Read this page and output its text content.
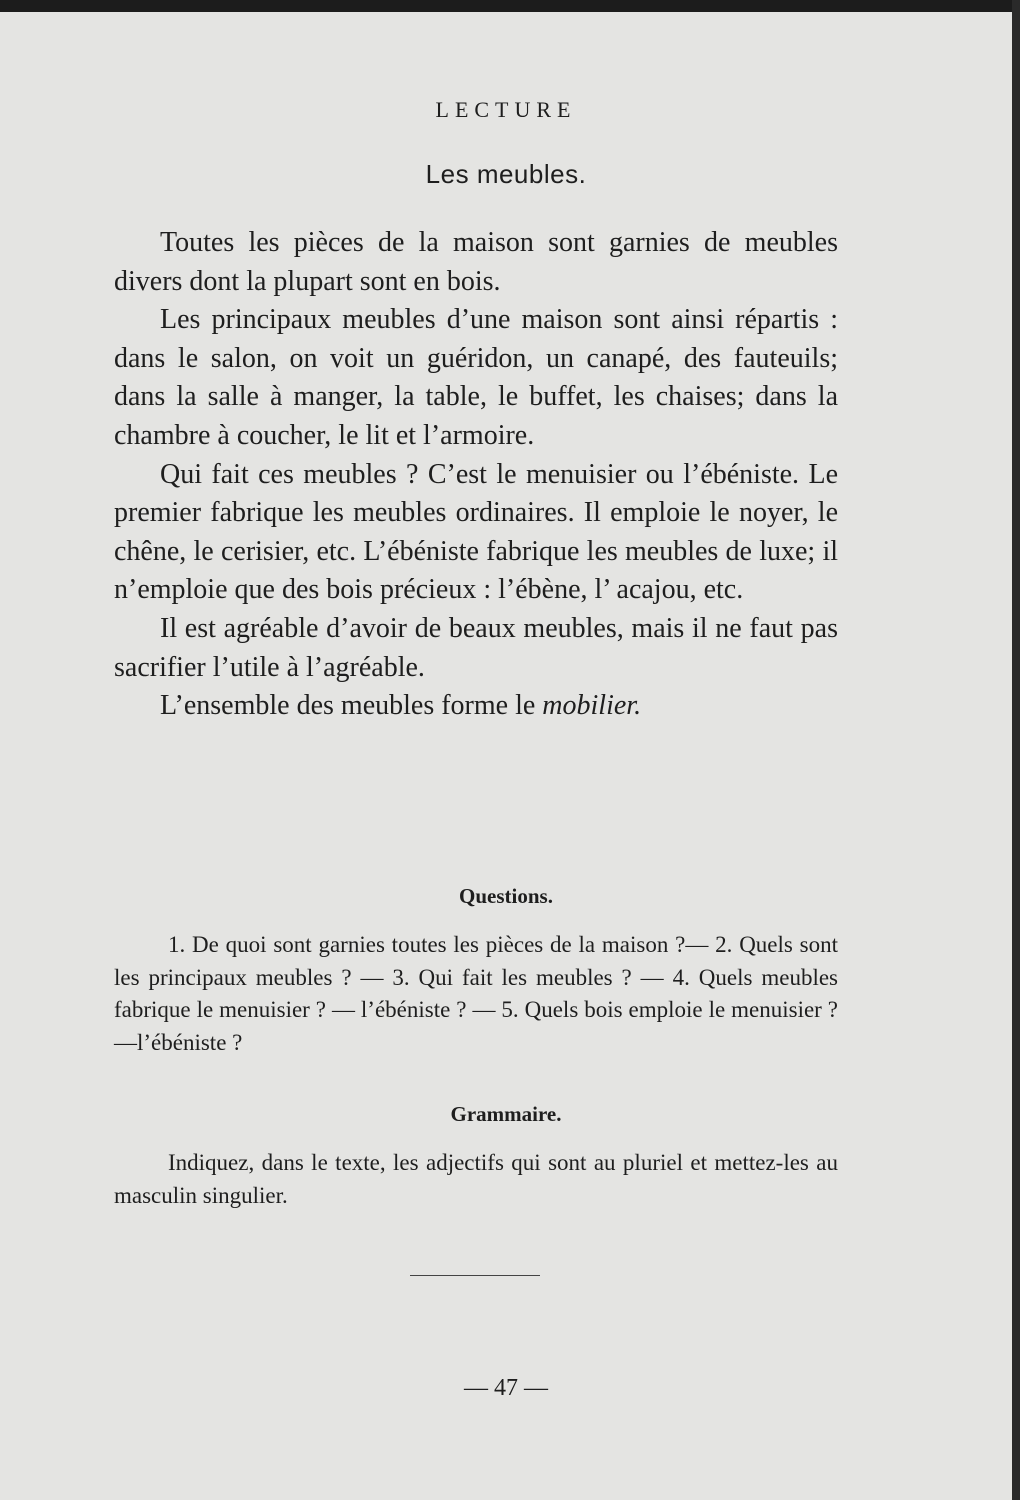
LECTURE
Les meubles.

Toutes les pièces de la maison sont garnies de meubles divers dont la plupart sont en bois.

Les principaux meubles d’une maison sont ainsi répartis : dans le salon, on voit un guéridon, un canapé, des fauteuils; dans la salle à manger, la table, le buffet, les chaises; dans la chambre à coucher, le lit et l’armoire.

Qui fait ces meubles ? C’est le menuisier ou l’ébéniste. Le premier fabrique les meubles ordinaires. Il emploie le noyer, le chêne, le cerisier, etc. L’ébéniste fabrique les meubles de luxe; il n’emploie que des bois précieux : l’ébène, l’ acajou, etc.

Il est agréable d’avoir de beaux meubles, mais il ne faut pas sacrifier l’utile à l’agréable.

L’ensemble des meubles forme le mobilier.

Questions.

1. De quoi sont garnies toutes les pièces de la maison ?— 2. Quels sont les principaux meubles ? — 3. Qui fait les meubles ? — 4. Quels meubles fabrique le menuisier ? — l’ébéniste ? — 5. Quels bois emploie le menuisier ?—l’ébéniste ?

Grammaire.

Indiquez, dans le texte, les adjectifs qui sont au pluriel et mettez-les au masculin singulier.

— 47 —
